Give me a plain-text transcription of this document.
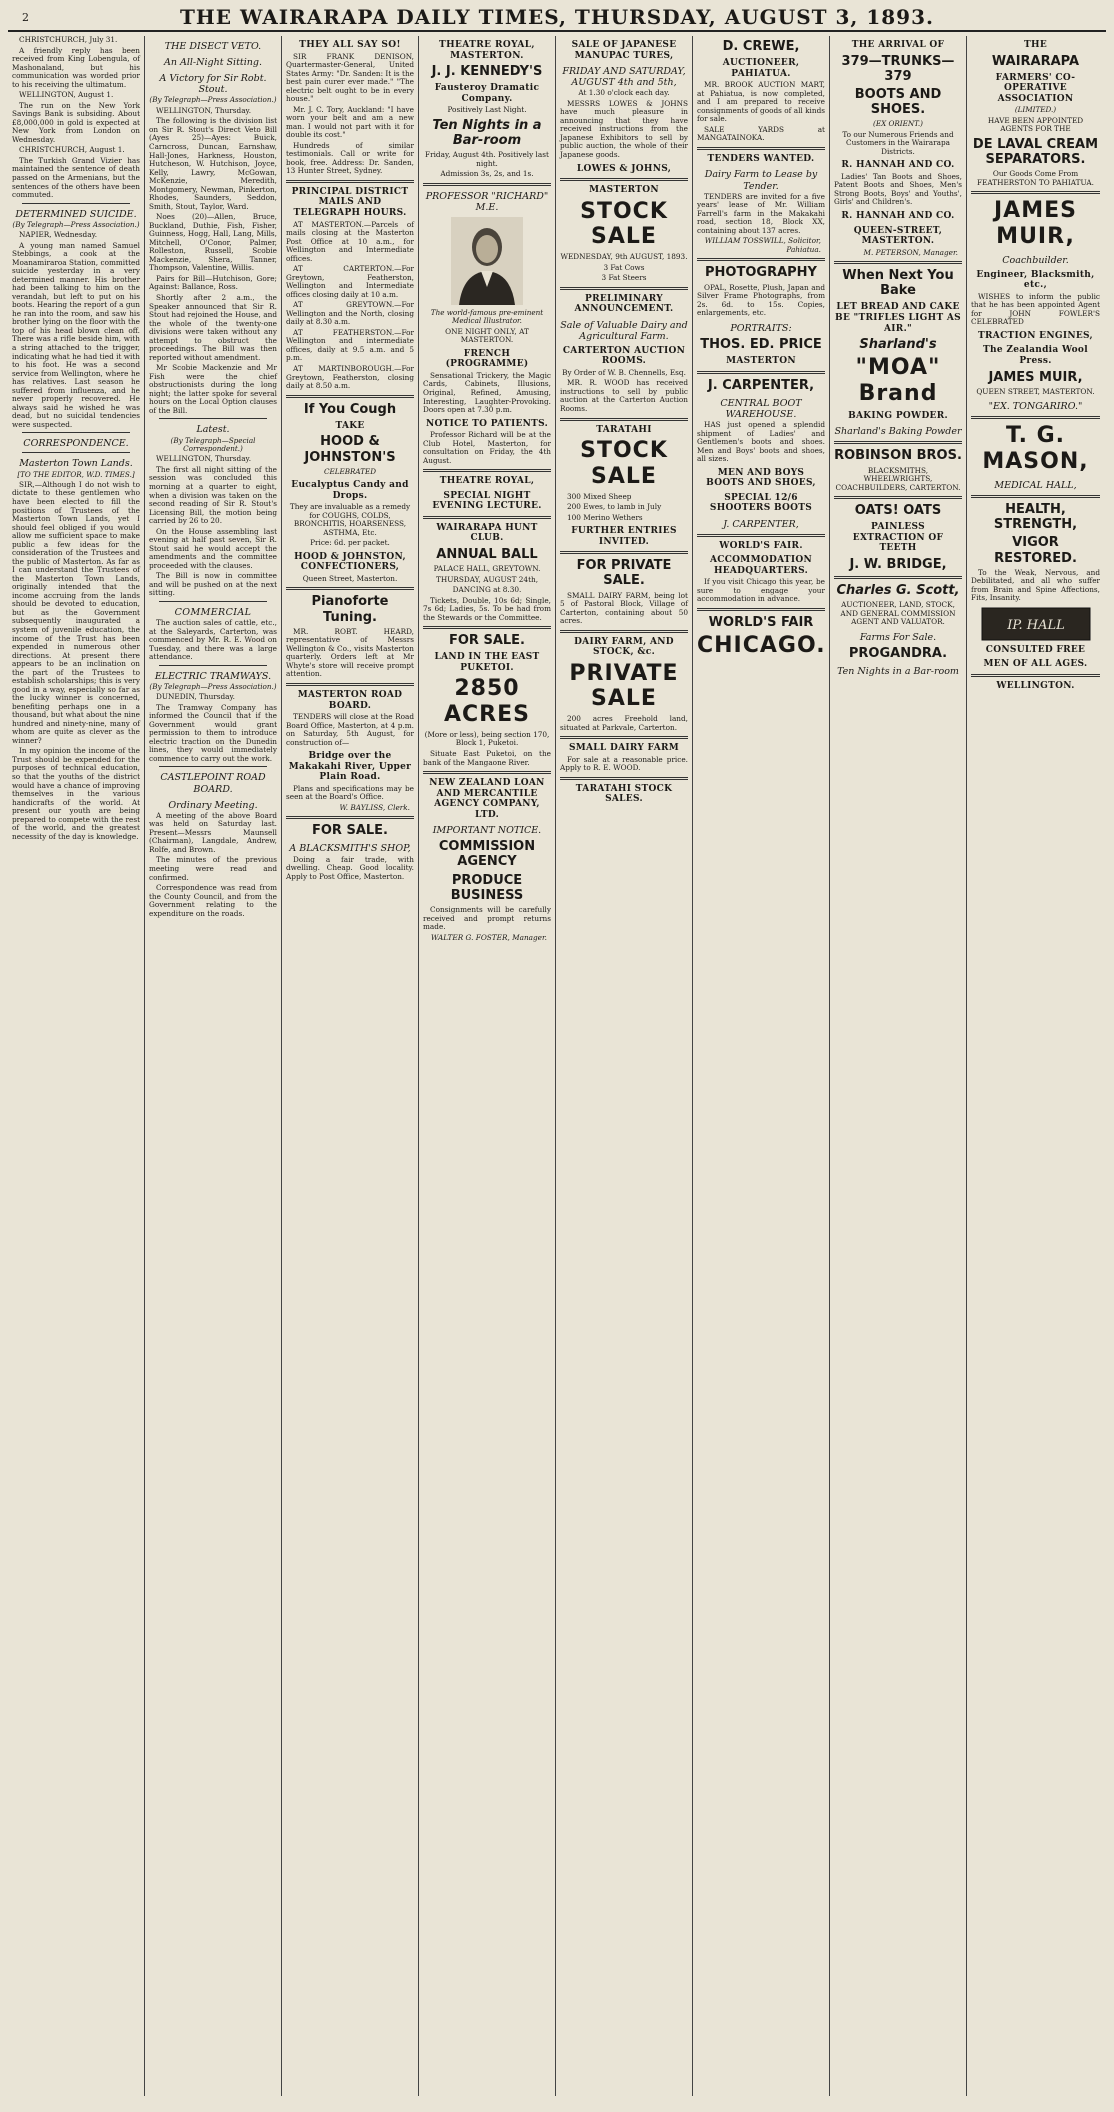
2	THE WAIRARAPA DAILY TIMES, THURSDAY, AUGUST 3, 1893.

CHRISTCHURCH, July 31.

A friendly reply has been received from King Lobengula, of Mashonaland, but his communication was worded prior to his receiving the ultimatum.

WELLINGTON, August 1.

The run on the New York Savings Bank is subsiding. About £8,000,000 in gold is expected at New York from London on Wednesday.

CHRISTCHURCH, August 1.

The Turkish Grand Vizier has maintained the sentence of death passed on the Armenians, but the sentences of the others have been commuted.

DETERMINED SUICIDE.
(By Telegraph—Press Association.)

NAPIER, Wednesday.

A young man named Samuel Stebbings, a cook at the Moanamiraroa Station, committed suicide yesterday in a very determined manner. His brother had been talking to him on the verandah, but left to put on his boots. Hearing the report of a gun he ran into the room, and saw his brother lying on the floor with the top of his head blown clean off. There was a rifle beside him, with a string attached to the trigger, indicating what he had tied it with to his foot. He was a second service from Wellington, where he has relatives. Last season he suffered from influenza, and he never properly recovered. He always said he wished he was dead, but no suicidal tendencies were suspected.

CORRESPONDENCE.
Masterton Town Lands.
[TO THE EDITOR, W.D. TIMES.]

SIR,—Although I do not wish to dictate to these gentlemen who have been elected to fill the positions of Trustees of the Masterton Town Lands, yet I should feel obliged if you would allow me sufficient space to make public a few ideas for the consideration of the Trustees and the public of Masterton. As far as I can understand the Trustees of the Masterton Town Lands, originally intended that the income accruing from the lands should be devoted to education, but as the Government subsequently inaugurated a system of juvenile education, the income of the Trust has been expended in numerous other directions. At present there appears to be an inclination on the part of the Trustees to establish scholarships; this is very good in a way, especially so far as the lucky winner is concerned, benefiting perhaps one in a thousand, but what about the nine hundred and ninety-nine, many of whom are quite as clever as the winner?

In my opinion the income of the Trust should be expended for the purposes of technical education, so that the youths of the district would have a chance of improving themselves in the various handicrafts of the world. At present our youth are being prepared to compete with the rest of the world, and the greatest necessity of the day is knowledge.

THE DISECT VETO.
An All-Night Sitting.
A Victory for Sir Robt. Stout.
(By Telegraph—Press Association.)

WELLINGTON, Thursday.

The following is the division list on Sir R. Stout's Direct Veto Bill (Ayes 25)—Ayes: Buick, Carncross, Duncan, Earnshaw, Hall-Jones, Harkness, Houston, Hutcheson, W. Hutchison, Joyce, Kelly, Lawry, McGowan, McKenzie, Meredith, Montgomery, Newman, Pinkerton, Rhodes, Saunders, Seddon, Smith, Stout, Taylor, Ward.

Noes (20)—Allen, Bruce, Buckland, Duthie, Fish, Fisher, Guinness, Hogg, Hall, Lang, Mills, Mitchell, O'Conor, Palmer, Rolleston, Russell, Scobie Mackenzie, Shera, Tanner, Thompson, Valentine, Willis.

Pairs for Bill—Hutchison, Gore; Against: Ballance, Ross.

Shortly after 2 a.m., the Speaker announced that Sir R. Stout had rejoined the House, and the whole of the twenty-one divisions were taken without any attempt to obstruct the proceedings. The Bill was then reported without amendment.

Mr Scobie Mackenzie and Mr Fish were the chief obstructionists during the long night; the latter spoke for several hours on the Local Option clauses of the Bill.

Latest.
(By Telegraph—Special Correspondent.)

WELLINGTON, Thursday.

The first all night sitting of the session was concluded this morning at a quarter to eight, when a division was taken on the second reading of Sir R. Stout's Licensing Bill, the motion being carried by 26 to 20.

On the House assembling last evening at half past seven, Sir R. Stout said he would accept the amendments and the committee proceeded with the clauses.

The Bill is now in committee and will be pushed on at the next sitting.

COMMERCIAL

The auction sales of cattle, etc., at the Saleyards, Carterton, was commenced by Mr. R. E. Wood on Tuesday, and there was a large attendance.

ELECTRIC TRAMWAYS.
(By Telegraph—Press Association.)

DUNEDIN, Thursday.

The Tramway Company has informed the Council that if the Government would grant permission to them to introduce electric traction on the Dunedin lines, they would immediately commence to carry out the work.

CASTLEPOINT ROAD BOARD.
Ordinary Meeting.

A meeting of the above Board was held on Saturday last. Present—Messrs Maunsell (Chairman), Langdale, Andrew, Rolfe, and Brown.

The minutes of the previous meeting were read and confirmed.

Correspondence was read from the County Council, and from the Government relating to the expenditure on the roads.

THEY ALL SAY SO!

SIR FRANK DENISON, Quartermaster-General, United States Army: "Dr. Sanden: It is the best pain curer ever made." "The electric belt ought to be in every house."

Mr. J. C. Tory, Auckland: "I have worn your belt and am a new man. I would not part with it for double its cost."

Hundreds of similar testimonials. Call or write for book, free. Address: Dr. Sanden, 13 Hunter Street, Sydney.

PRINCIPAL DISTRICT MAILS AND TELEGRAPH HOURS.

AT MASTERTON.—Parcels of mails closing at the Masterton Post Office at 10 a.m., for Wellington and Intermediate offices.

AT CARTERTON.—For Greytown, Featherston, Wellington and Intermediate offices closing daily at 10 a.m.

AT GREYTOWN.—For Wellington and the North, closing daily at 8.30 a.m.

AT FEATHERSTON.—For Wellington and intermediate offices, daily at 9.5 a.m. and 5 p.m.

AT MARTINBOROUGH.—For Greytown, Featherston, closing daily at 8.50 a.m.

If You Cough
TAKE
HOOD & JOHNSTON'S
CELEBRATED
Eucalyptus Candy and Drops.

They are invaluable as a remedy for COUGHS, COLDS, BRONCHITIS, HOARSENESS, ASTHMA, Etc.

Price: 6d. per packet.

HOOD & JOHNSTON, CONFECTIONERS,

Queen Street, Masterton.

Pianoforte Tuning.

MR. ROBT. HEARD, representative of Messrs Wellington & Co., visits Masterton quarterly. Orders left at Mr Whyte's store will receive prompt attention.

MASTERTON ROAD BOARD.

TENDERS will close at the Road Board Office, Masterton, at 4 p.m. on Saturday, 5th August, for construction of—

Bridge over the Makakahi River, Upper Plain Road.

Plans and specifications may be seen at the Board's Office.

W. BAYLISS, Clerk.
FOR SALE.
A BLACKSMITH'S SHOP,

Doing a fair trade, with dwelling. Cheap. Good locality. Apply to Post Office, Masterton.

THEATRE ROYAL, MASTERTON.
J. J. KENNEDY'S
Fausteroy Dramatic Company.

Positively Last Night.

Ten Nights in a Bar-room

Friday, August 4th. Positively last night.

Admission 3s, 2s, and 1s.

PROFESSOR "RICHARD" M.E.
The world-famous pre-eminent Medical Illustrator.

ONE NIGHT ONLY, AT MASTERTON.

FRENCH (PROGRAMME)

Sensational Trickery, the Magic Cards, Cabinets, Illusions, Original, Refined, Amusing, Interesting, Laughter-Provoking. Doors open at 7.30 p.m.

NOTICE TO PATIENTS.

Professor Richard will be at the Club Hotel, Masterton, for consultation on Friday, the 4th August.

THEATRE ROYAL,
SPECIAL NIGHT EVENING LECTURE.
WAIRARAPA HUNT CLUB.
ANNUAL BALL

PALACE HALL, GREYTOWN.

THURSDAY, AUGUST 24th,

DANCING at 8.30.

Tickets, Double, 10s 6d; Single, 7s 6d; Ladies, 5s. To be had from the Stewards or the Committee.

FOR SALE.
LAND IN THE EAST PUKETOI.
2850 ACRES

(More or less), being section 170, Block 1, Puketoi.

Situate East Puketoi, on the bank of the Mangaone River.

NEW ZEALAND LOAN AND MERCANTILE AGENCY COMPANY, LTD.
IMPORTANT NOTICE.
COMMISSION AGENCY
PRODUCE BUSINESS

Consignments will be carefully received and prompt returns made.

WALTER G. FOSTER, Manager.
SALE OF JAPANESE MANUPAC TURES,
FRIDAY AND SATURDAY, AUGUST 4th and 5th,

At 1.30 o'clock each day.

MESSRS LOWES & JOHNS have much pleasure in announcing that they have received instructions from the Japanese Exhibitors to sell by public auction, the whole of their Japanese goods.

LOWES & JOHNS,
MASTERTON
STOCK SALE

WEDNESDAY, 9th AUGUST, 1893.

3 Fat Cows

3 Fat Steers

PRELIMINARY ANNOUNCEMENT.
Sale of Valuable Dairy and Agricultural Farm.
CARTERTON AUCTION ROOMS.

By Order of W. B. Chennells, Esq.

MR. R. WOOD has received instructions to sell by public auction at the Carterton Auction Rooms.

TARATAHI
STOCK SALE

300 Mixed Sheep

200 Ewes, to lamb in July

100 Merino Wethers

FURTHER ENTRIES INVITED.
FOR PRIVATE SALE.

SMALL DAIRY FARM, being lot 5 of Pastoral Block, Village of Carterton, containing about 50 acres.

DAIRY FARM, AND STOCK, &c.
PRIVATE SALE

200 acres Freehold land, situated at Parkvale, Carterton.

SMALL DAIRY FARM

For sale at a reasonable price. Apply to R. E. WOOD.

TARATAHI STOCK SALES.
D. CREWE,
AUCTIONEER, PAHIATUA.

MR. BROOK AUCTION MART, at Pahiatua, is now completed, and I am prepared to receive consignments of goods of all kinds for sale.

SALE YARDS at MANGATAINOKA.

TENDERS WANTED.
Dairy Farm to Lease by Tender.

TENDERS are invited for a five years' lease of Mr. William Farrell's farm in the Makakahi road, section 18, Block XX, containing about 137 acres.

WILLIAM TOSSWILL, Solicitor, Pahiatua.
PHOTOGRAPHY

OPAL, Rosette, Plush, Japan and Silver Frame Photographs, from 2s. 6d. to 15s. Copies, enlargements, etc.

PORTRAITS:
THOS. ED. PRICE
MASTERTON
J. CARPENTER,
CENTRAL BOOT WAREHOUSE.

HAS just opened a splendid shipment of Ladies' and Gentlemen's boots and shoes. Men and Boys' boots and shoes, all sizes.

MEN AND BOYS BOOTS AND SHOES,
SPECIAL 12/6 SHOOTERS BOOTS
J. CARPENTER,
WORLD'S FAIR.
ACCOMMODATION HEADQUARTERS.

If you visit Chicago this year, be sure to engage your accommodation in advance.

WORLD'S FAIR
CHICAGO.
THE ARRIVAL OF
379—TRUNKS—379
BOOTS AND SHOES.
(EX ORIENT.)

To our Numerous Friends and Customers in the Wairarapa Districts.

R. HANNAH AND CO.

Ladies' Tan Boots and Shoes, Patent Boots and Shoes, Men's Strong Boots, Boys' and Youths', Girls' and Children's.

R. HANNAH AND CO.
QUEEN-STREET, MASTERTON.
M. PETERSON, Manager.
When Next You Bake
LET BREAD AND CAKE BE "TRIFLES LIGHT AS AIR."
Sharland's
"MOA" Brand
BAKING POWDER.
Sharland's Baking Powder
ROBINSON BROS.

BLACKSMITHS, WHEELWRIGHTS, COACHBUILDERS, CARTERTON.

OATS! OATS
PAINLESS EXTRACTION OF TEETH
J. W. BRIDGE,
Charles G. Scott,

AUCTIONEER, LAND, STOCK, AND GENERAL COMMISSION AGENT AND VALUATOR.

Farms For Sale.
PROGANDRA.
Ten Nights in a Bar-room
THE
WAIRARAPA
FARMERS' CO-OPERATIVE ASSOCIATION
(LIMITED.)

HAVE BEEN APPOINTED AGENTS FOR THE

DE LAVAL CREAM SEPARATORS.

Our Goods Come From FEATHERSTON TO PAHIATUA.

JAMES MUIR,
Coachbuilder.
Engineer, Blacksmith, etc.,

WISHES to inform the public that he has been appointed Agent for JOHN FOWLER'S CELEBRATED

TRACTION ENGINES,
The Zealandia Wool Press.
JAMES MUIR,

QUEEN STREET, MASTERTON.

"EX. TONGARIRO."
T. G. MASON,
MEDICAL HALL,
HEALTH, STRENGTH,
VIGOR RESTORED.

To the Weak, Nervous, and Debilitated, and all who suffer from Brain and Spine Affections, Fits, Insanity.

IP. HALL
CONSULTED FREE
MEN OF ALL AGES.
WELLINGTON.
